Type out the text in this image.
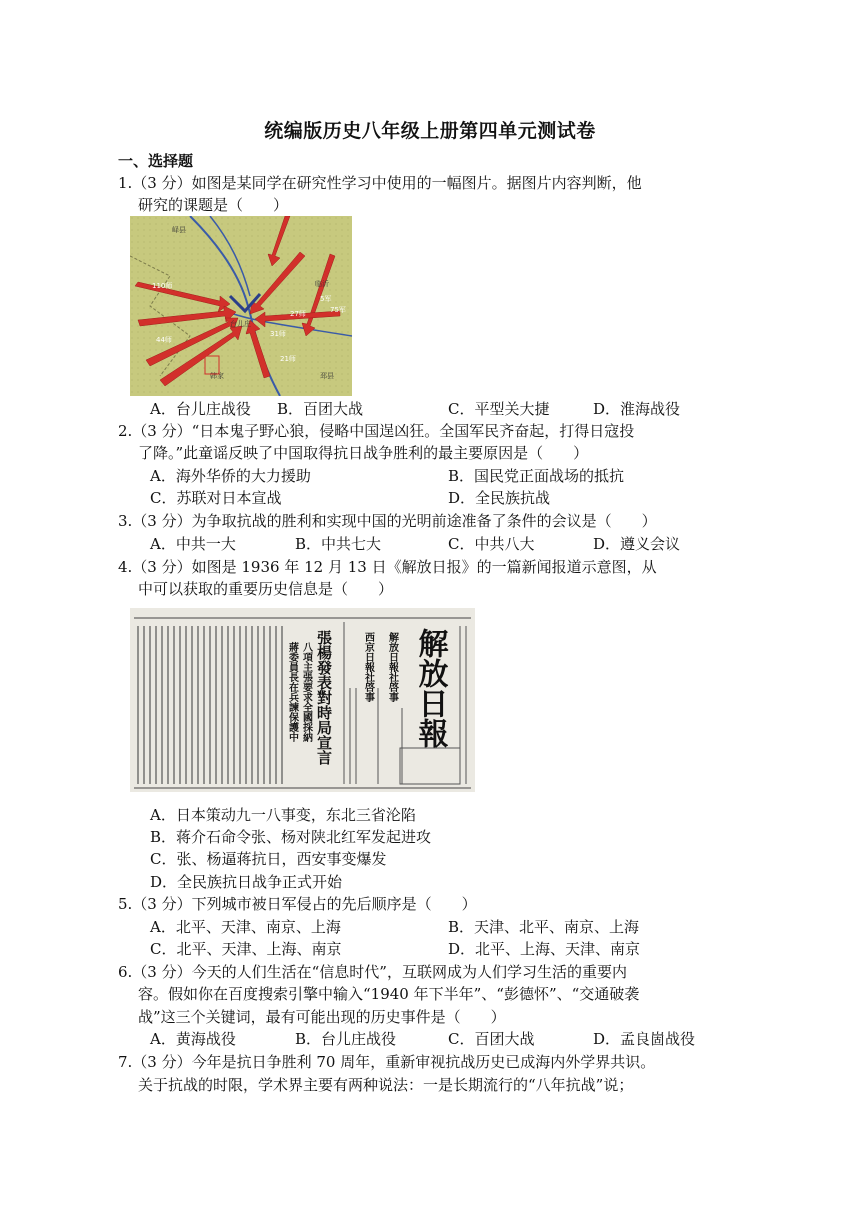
统编版历史八年级上册第四单元测试卷
一、选择题
1.（3 分）如图是某同学在研究性学习中使用的一幅图片。据图片内容判断，他
研究的课题是（　　）
峄县
临沂
台儿庄
邳县
韩家
110师
44师
5军
31师
27师
21师
75军
A．台儿庄战役 B．百团大战	C．平型关大捷	D．淮海战役
2.（3 分）“日本鬼子野心狼，侵略中国逞凶狂。全国军民齐奋起，打得日寇投
了降。”此童谣反映了中国取得抗日战争胜利的最主要原因是（　　）
A．海外华侨的大力援助	B．国民党正面战场的抵抗
C．苏联对日本宣战	D．全民族抗战
3.（3 分）为争取抗战的胜利和实现中国的光明前途准备了条件的会议是（　　）
A．中共一大	B．中共七大	C．中共八大	D．遵义会议
4.（3 分）如图是 1936 年 12 月 13 日《解放日报》的一篇新闻报道示意图，从
中可以获取的重要历史信息是（　　）
張楊發表對時局宣言
八項主張要求全國採納
蔣委員長在兵諫保護中	西京日報社啓事 解放日報社啓事 解放日報
A．日本策动九一八事变，东北三省沦陷
B．蒋介石命令张、杨对陕北红军发起进攻
C．张、杨逼蒋抗日，西安事变爆发
D．全民族抗日战争正式开始
5.（3 分）下列城市被日军侵占的先后顺序是（　　）
A．北平、天津、南京、上海	B．天津、北平、南京、上海
C．北平、天津、上海、南京	D．北平、上海、天津、南京
6.（3 分）今天的人们生活在“信息时代”，互联网成为人们学习生活的重要内
容。假如你在百度搜索引擎中输入“1940 年下半年”、“彭德怀”、“交通破袭
战”这三个关键词，最有可能出现的历史事件是（　　）
A．黄海战役	B．台儿庄战役	C．百团大战	D．孟良崮战役
7.（3 分）今年是抗日争胜利 70 周年，重新审视抗战历史已成海内外学界共识。
关于抗战的时限，学术界主要有两种说法：一是长期流行的“八年抗战”说；
